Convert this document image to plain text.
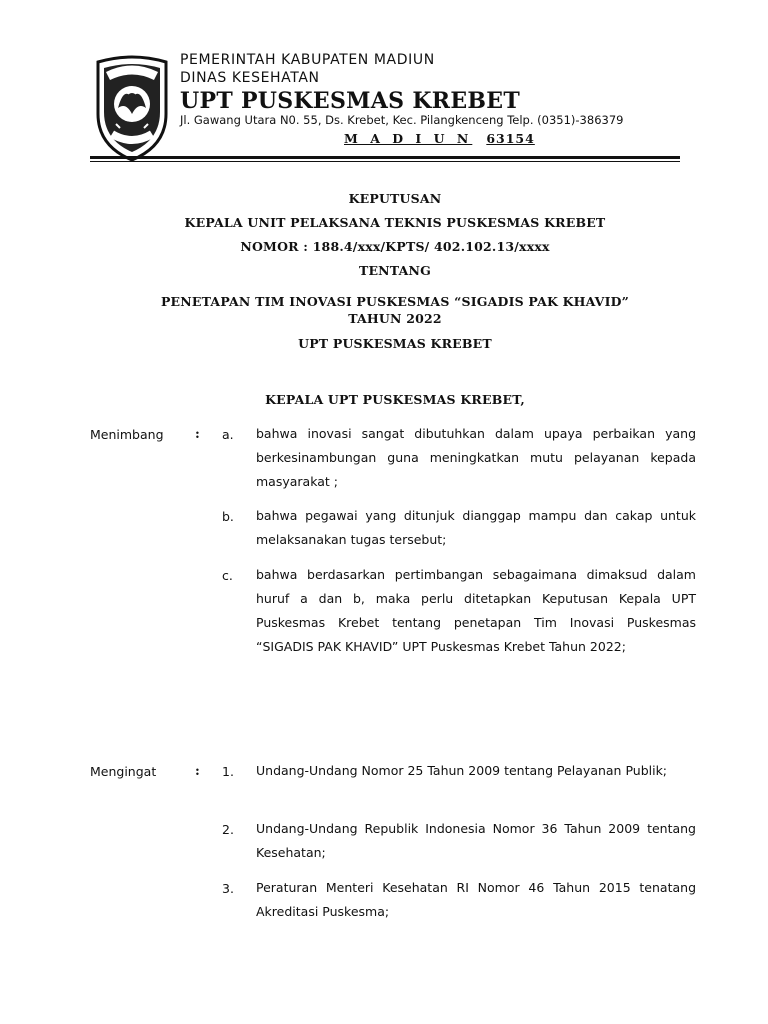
PEMERINTAH KABUPATEN MADIUN
DINAS KESEHATAN
UPT PUSKESMAS KREBET
Jl. Gawang Utara N0. 55, Ds. Krebet, Kec. Pilangkenceng Telp. (0351)-386379
M A D I U N 63154
KEPUTUSAN
KEPALA UNIT PELAKSANA TEKNIS PUSKESMAS KREBET
NOMOR : 188.4/xxx/KPTS/ 402.102.13/xxxx
TENTANG
PENETAPAN TIM INOVASI PUSKESMAS “SIGADIS PAK KHAVID”
TAHUN 2022
UPT PUSKESMAS KREBET
KEPALA UPT PUSKESMAS KREBET,
Menimbang : a. bahwa inovasi sangat dibutuhkan dalam upaya perbaikan yang berkesinambungan guna meningkatkan mutu pelayanan kepada masyarakat ;
b. bahwa pegawai yang ditunjuk dianggap mampu dan cakap untuk melaksanakan tugas tersebut;
c. bahwa berdasarkan pertimbangan sebagaimana dimaksud dalam huruf a dan b, maka perlu ditetapkan Keputusan Kepala UPT Puskesmas Krebet tentang penetapan Tim Inovasi Puskesmas “SIGADIS PAK KHAVID” UPT Puskesmas Krebet Tahun 2022;
Mengingat	: 1. Undang-Undang Nomor 25 Tahun 2009 tentang Pelayanan Publik;
2. Undang-Undang Republik Indonesia Nomor 36 Tahun 2009 tentang Kesehatan;
3. Peraturan Menteri Kesehatan RI Nomor 46 Tahun 2015 tenatang Akreditasi Puskesma;
